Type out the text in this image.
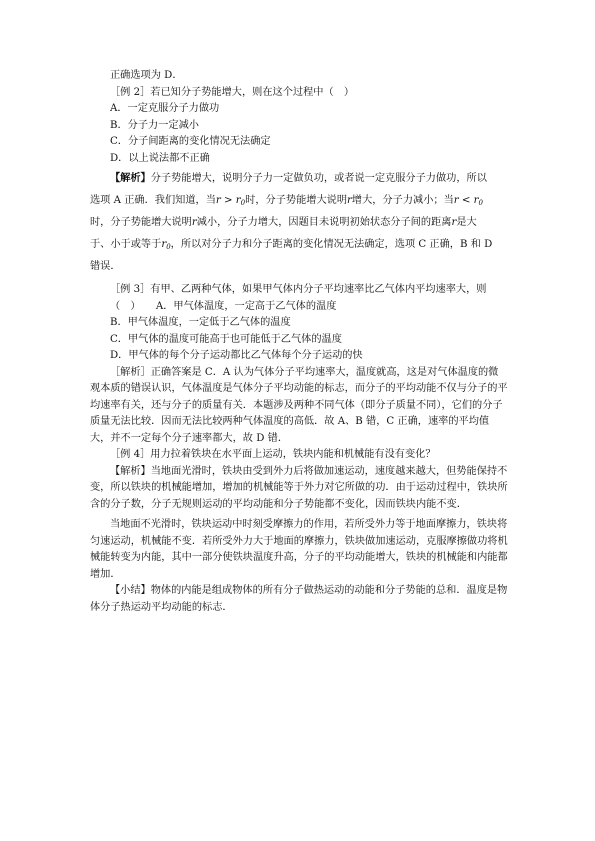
正确选项为 D．

［例 2］若已知分子势能增大，则在这个过程中（　）

A．一定克服分子力做功

B．分子力一定减小

C．分子间距离的变化情况无法确定

D．以上说法都不正确

【解析】分子势能增大，说明分子力一定做负功，或者说一定克服分子力做功，所以

选项 A 正确．我们知道，当$r > r_0$时，分子势能增大说明r增大，分子力减小；当$r < r_0$

时，分子势能增大说明r减小，分子力增大，因题目未说明初始状态分子间的距离r是大

于、小于或等于$r_0$，所以对分子力和分子距离的变化情况无法确定，选项 C 正确，B 和 D

错误．

［例 3］有甲、乙两种气体，如果甲气体内分子平均速率比乙气体内平均速率大，则

（　）　　A．甲气体温度，一定高于乙气体的温度

B．甲气体温度，一定低于乙气体的温度

C．甲气体的温度可能高于也可能低于乙气体的温度

D．甲气体的每个分子运动都比乙气体每个分子运动的快

［解析］正确答案是 C．A 认为气体分子平均速率大，温度就高，这是对气体温度的微观本质的错误认识，气体温度是气体分子平均动能的标志，而分子的平均动能不仅与分子的平均速率有关，还与分子的质量有关．本题涉及两种不同气体（即分子质量不同），它们的分子质量无法比较．因而无法比较两种气体温度的高低．故 A、B 错，C 正确，速率的平均值大，并不一定每个分子速率都大，故 D 错．

［例 4］用力拉着铁块在水平面上运动，铁块内能和机械能有没有变化？

【解析】当地面光滑时，铁块由受到外力后将做加速运动，速度越来越大，但势能保持不变，所以铁块的机械能增加，增加的机械能等于外力对它所做的功．由于运动过程中，铁块所含的分子数，分子无规则运动的平均动能和分子势能都不变化，因而铁块内能不变．

当地面不光滑时，铁块运动中时刻受摩擦力的作用，若所受外力等于地面摩擦力，铁块将匀速运动，机械能不变．若所受外力大于地面的摩擦力，铁块做加速运动，克服摩擦做功将机械能转变为内能，其中一部分使铁块温度升高，分子的平均动能增大，铁块的机械能和内能都增加．

【小结】物体的内能是组成物体的所有分子做热运动的动能和分子势能的总和．温度是物体分子热运动平均动能的标志．
